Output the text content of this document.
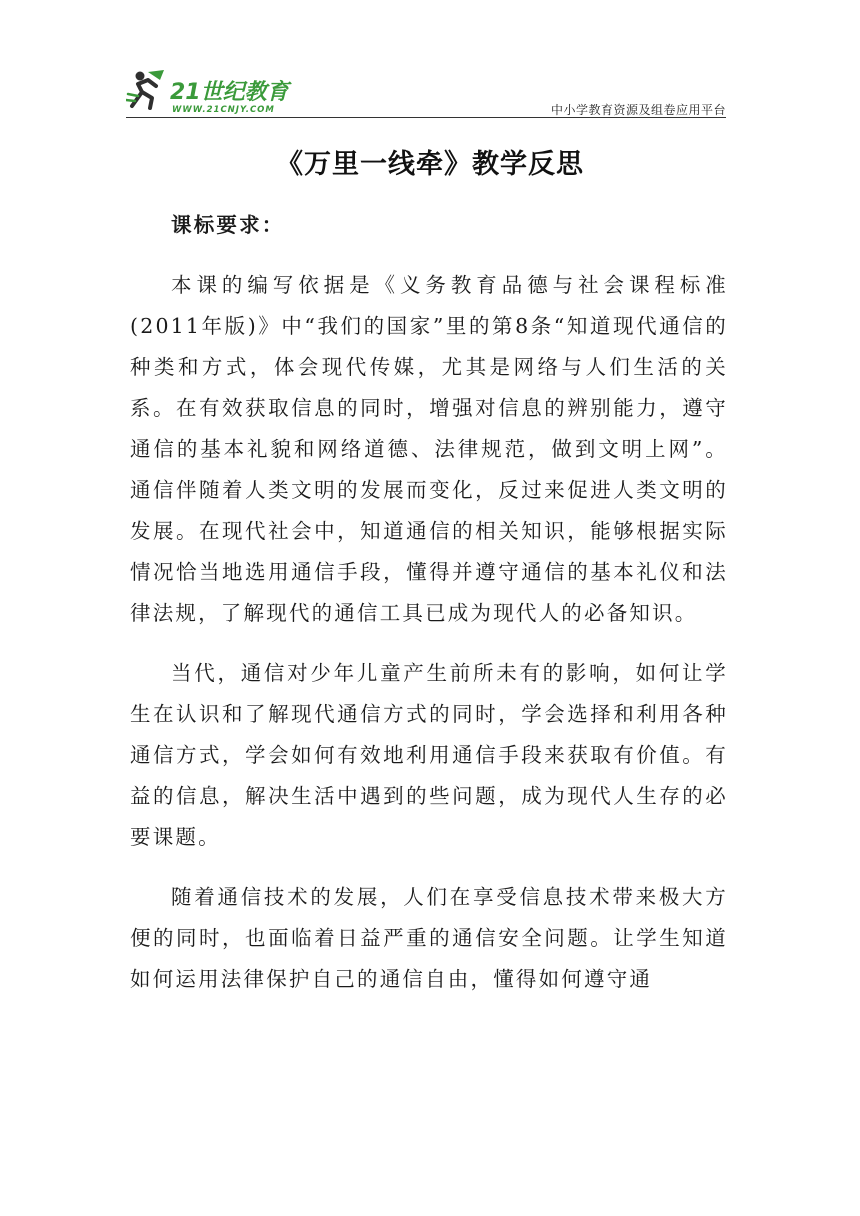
21世纪教育
WWW.21CNJY.COM	中小学教育资源及组卷应用平台
《万里一线牵》教学反思

课标要求：

本课的编写依据是《义务教育品德与社会课程标准(2011年版)》中“我们的国家”里的第8条“知道现代通信的种类和方式，体会现代传媒，尤其是网络与人们生活的关系。在有效获取信息的同时，增强对信息的辨别能力，遵守通信的基本礼貌和网络道德、法律规范，做到文明上网”。通信伴随着人类文明的发展而变化，反过来促进人类文明的发展。在现代社会中，知道通信的相关知识，能够根据实际情况恰当地选用通信手段，懂得并遵守通信的基本礼仪和法律法规，了解现代的通信工具已成为现代人的必备知识。

当代，通信对少年儿童产生前所未有的影响，如何让学生在认识和了解现代通信方式的同时，学会选择和利用各种通信方式，学会如何有效地利用通信手段来获取有价值。有益的信息，解决生活中遇到的些问题，成为现代人生存的必要课题。

随着通信技术的发展，人们在享受信息技术带来极大方便的同时，也面临着日益严重的通信安全问题。让学生知道如何运用法律保护自己的通信自由，懂得如何遵守通
